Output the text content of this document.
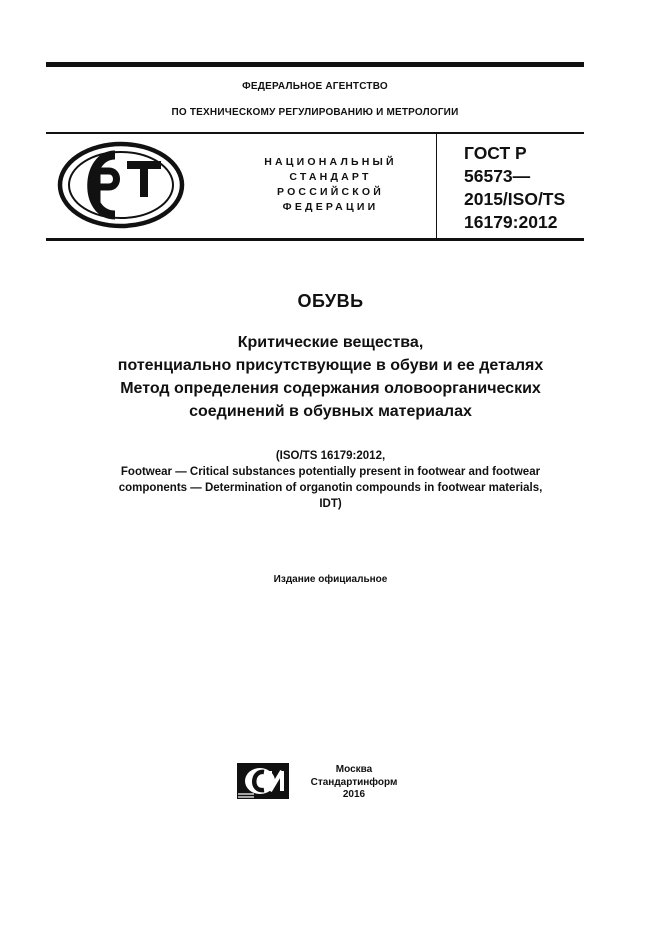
ФЕДЕРАЛЬНОЕ АГЕНТСТВО
ПО ТЕХНИЧЕСКОМУ РЕГУЛИРОВАНИЮ И МЕТРОЛОГИИ
НАЦИОНАЛЬНЫЙ
СТАНДАРТ
РОССИЙСКОЙ
ФЕДЕРАЦИИ
ГОСТ Р
56573—
2015/ISO/TS
16179:2012
ОБУВЬ
Критические вещества,
потенциально присутствующие в обуви и ее деталях
Метод определения содержания оловоорганических
соединений в обувных материалах
(ISO/TS 16179:2012,
Footwear — Critical substances potentially present in footwear and footwear
components — Determination of organotin compounds in footwear materials,
IDT)
Издание официальное
Москва
Стандартинформ
2016
